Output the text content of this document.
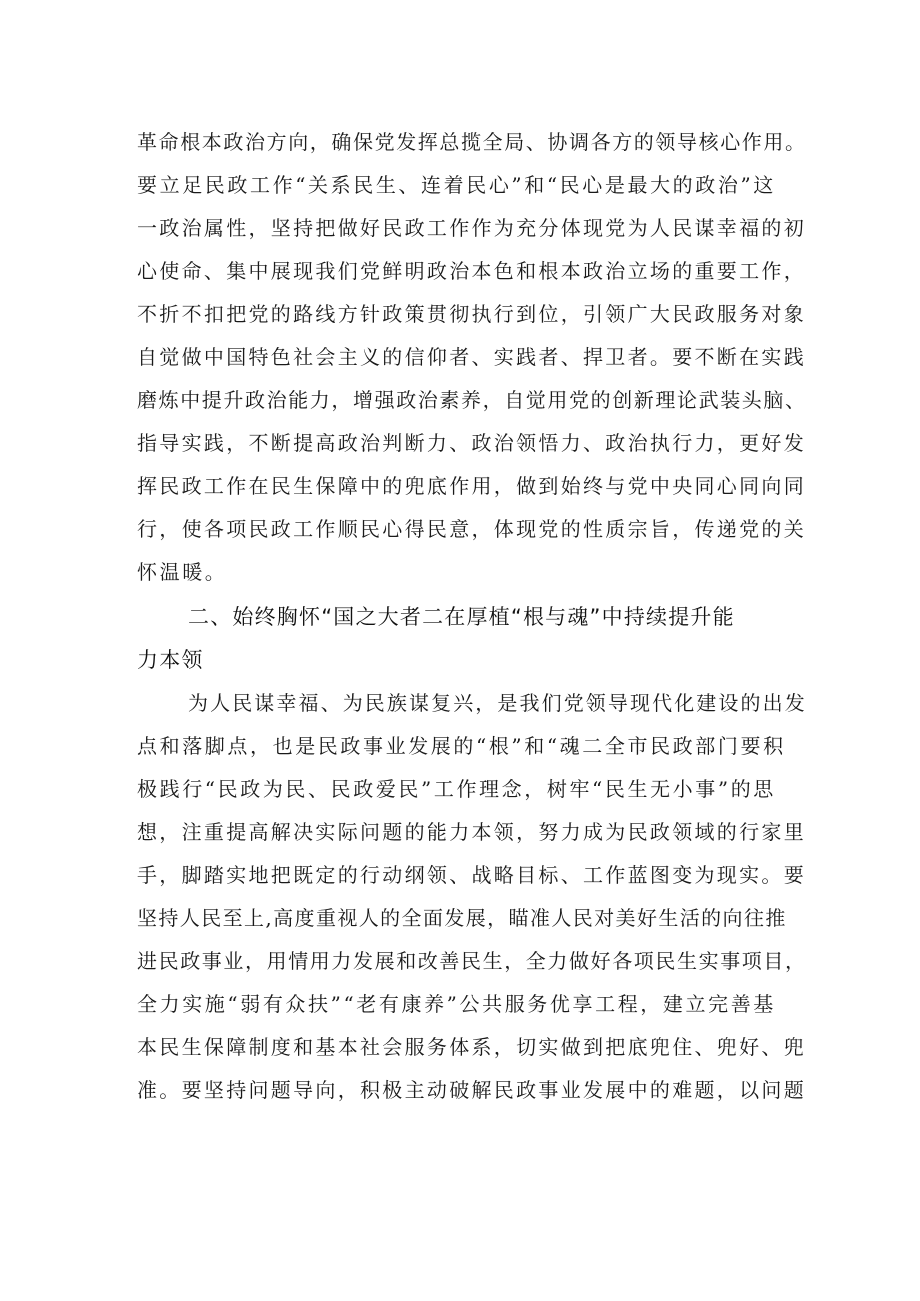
革命根本政治方向，确保党发挥总揽全局、协调各方的领导核心作用。
要立足民政工作“关系民生、连着民心”和“民心是最大的政治”这
一政治属性，坚持把做好民政工作作为充分体现党为人民谋幸福的初
心使命、集中展现我们党鲜明政治本色和根本政治立场的重要工作，
不折不扣把党的路线方针政策贯彻执行到位，引领广大民政服务对象
自觉做中国特色社会主义的信仰者、实践者、捍卫者。要不断在实践
磨炼中提升政治能力，增强政治素养，自觉用党的创新理论武装头脑、
指导实践，不断提高政治判断力、政治领悟力、政治执行力，更好发
挥民政工作在民生保障中的兜底作用，做到始终与党中央同心同向同
行，使各项民政工作顺民心得民意，体现党的性质宗旨，传递党的关
怀温暖。
二、始终胸怀“国之大者二在厚植“根与魂”中持续提升能
力本领
为人民谋幸福、为民族谋复兴，是我们党领导现代化建设的出发
点和落脚点，也是民政事业发展的“根”和“魂二全市民政部门要积
极践行“民政为民、民政爱民”工作理念，树牢“民生无小事”的思
想，注重提高解决实际问题的能力本领，努力成为民政领域的行家里
手，脚踏实地把既定的行动纲领、战略目标、工作蓝图变为现实。要
坚持人民至上,高度重视人的全面发展，瞄准人民对美好生活的向往推
进民政事业，用情用力发展和改善民生，全力做好各项民生实事项目，
全力实施“弱有众扶”“老有康养”公共服务优享工程，建立完善基
本民生保障制度和基本社会服务体系，切实做到把底兜住、兜好、兜
准。要坚持问题导向，积极主动破解民政事业发展中的难题，以问题
